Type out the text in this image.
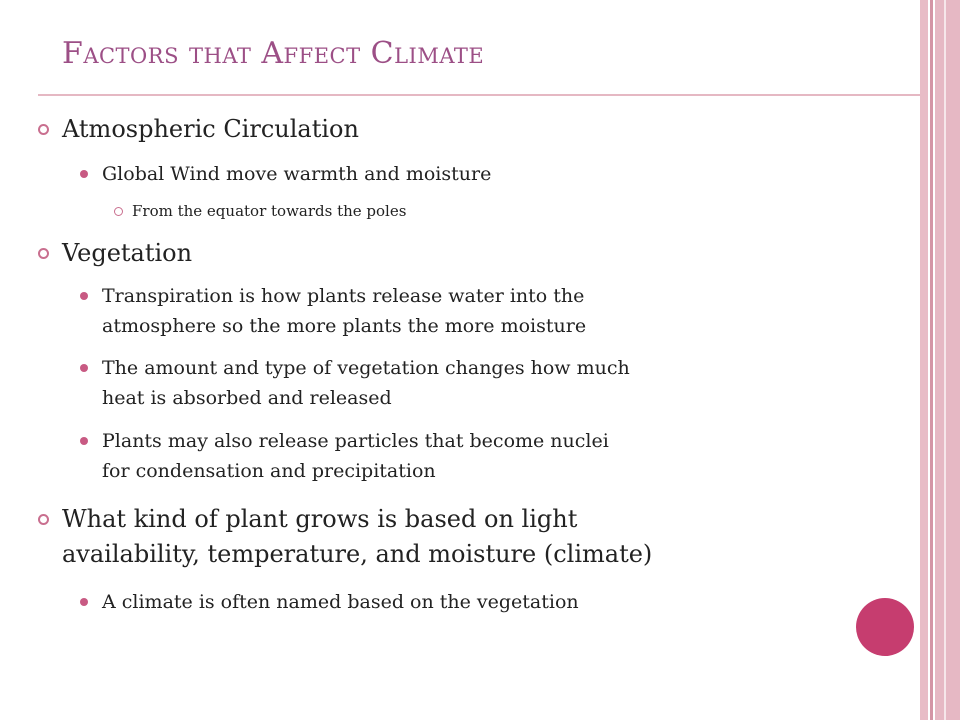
Factors that Affect Climate
Atmospheric Circulation
Global Wind move warmth and moisture
From the equator towards the poles
Vegetation
Transpiration is how plants release water into the
atmosphere so the more plants the more moisture
The amount and type of vegetation changes how much
heat is absorbed and released
Plants may also release particles that become nuclei
for condensation and precipitation
What kind of plant grows is based on light
availability, temperature, and moisture (climate)
A climate is often named based on the vegetation
